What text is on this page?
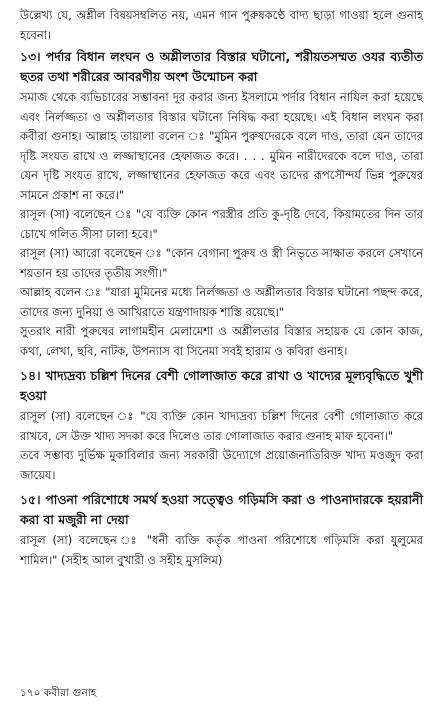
উল্লেখ্য যে, অশ্লীল বিষয়সম্বলিত নয়, এমন গান পুরুষকণ্ঠে বাদ্য ছাড়া গাওয়া হলে গুনাহ হবেনা।

১৩। পর্দার বিধান লংঘন ও অশ্লীলতার বিস্তার ঘটানো, শরীয়তসম্মত ওযর ব্যতীত ছতর তথা শরীরের আবরণীয় অংশ উন্মোচন করা

সমাজ থেকে ব্যভিচারের সম্ভাবনা দূর করার জন্য ইসলামে পর্দার বিধান নাযিল করা হয়েছে এবং নির্লজ্জতা ও অশ্লীলতার বিস্তার ঘটানো নিষিদ্ধ করা হয়েছে। এই বিধান লংঘন করা কবীরা গুনাহ। আল্লাহ তায়ালা বলেন ঃ "মুমিন পুরুষদেরকে বলে দাও, তারা যেন তাদের দৃষ্টি সংযত রাখে ও লজ্জাস্থানের হেফাজত করে। . . . মুমিন নারীদেরকে বলে দাও, তারা যেন দৃষ্টি সংযত রাখে, লজ্জাস্থানের হেফাজত করে এবং তাদের রূপসৌন্দর্য ভিন্ন পুরুষের সামনে প্রকাশ না করে।"

রাসূল (সা) বলেছেন ঃ "যে ব্যক্তি কোন পরস্ত্রীর প্রতি কু-দৃষ্টি দেবে, কিয়ামতের দিন তার চোখে গলিত সীসা ঢালা হবে।"

রাসূল (সা) আরো বলেছেন ঃ "কোন বেগানা পুরুষ ও স্ত্রী নিভৃতে সাক্ষাত করলে সেখানে শয়তান হয় তাদের তৃতীয় সংগী।"

আল্লাহ বলেন ঃ "যারা মুমিনের মধ্যে নির্লজ্জতা ও অশ্লীলতার বিস্তার ঘটানো পছন্দ করে, তাদের জন্য দুনিয়া ও আখিরাতে যন্ত্রণাদায়ক শাস্তি রয়েছে।"

সুতরাং নারী পুরুষের লাগামহীন মেলামেশা ও অশ্লীলতার বিস্তার সহায়ক যে কোন কাজ, কথা, লেখা, ছবি, নাটক, উপন্যাস বা সিনেমা সবই হারাম ও কবিরা গুনাহ।

১৪। খাদ্যদ্রব্য চল্লিশ দিনের বেশী গোলাজাত করে রাখা ও খাদ্যের মূল্যবৃদ্ধিতে খুশী হওয়া

রাসূল (সা) বলেছেন ঃ "যে ব্যক্তি কোন খাদ্যদ্রব্য চল্লিশ দিনের বেশী গোলাজাত করে রাখবে, সে উক্ত খাদ্য সদকা করে দিলেও তার গোলাজাত করার গুনাহ মাফ হবেনা।"

তবে সম্ভাব্য দুর্ভিক্ষ মুকাবিলার জন্য সরকারী উদ্যোগে প্রয়োজনাতিরিক্ত খাদ্য মওজুদ করা জায়েয।

১৫। পাওনা পরিশোধে সমর্থ হওয়া সত্ত্বেও গড়িমসি করা ও পাওনাদারকে হয়রানী করা বা মজুরী না দেয়া

রাসূল (সা) বলেছেন ঃ "ধনী ব্যক্তি কর্তৃক পাওনা পরিশোধে গড়িমসি করা যুলুমের শামিল।" (সহীহ আল বুখারী ও সহীহ মুসলিম)

১৭০ কবীরা গুনাহ
